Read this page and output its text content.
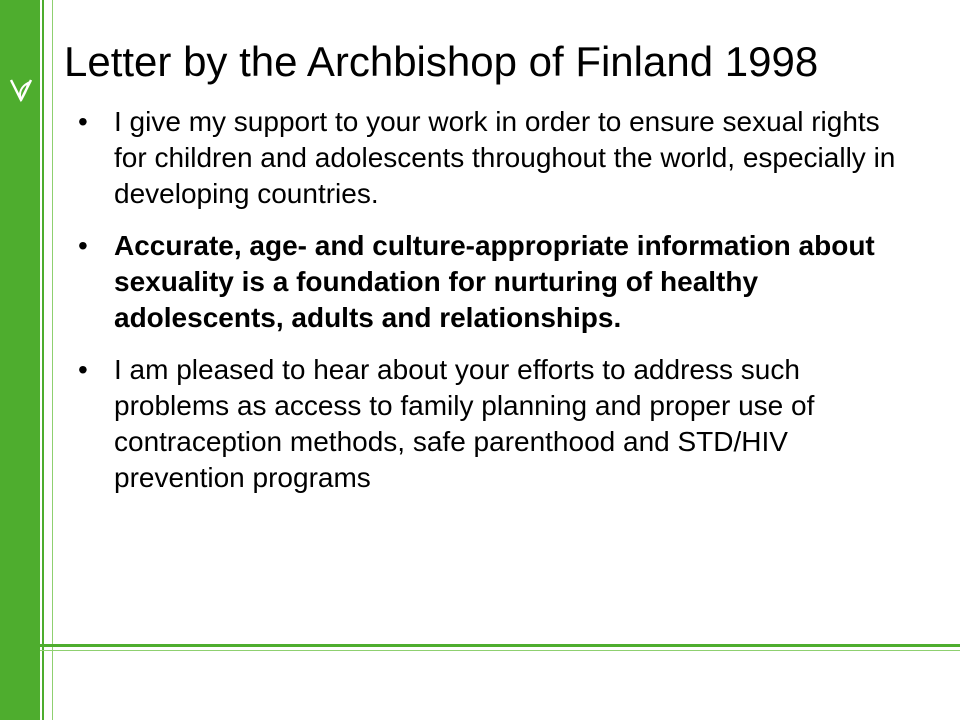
Letter by the Archbishop of Finland 1998
• I give my support to your work in order to ensure sexual rights for children and adolescents throughout the world, especially in developing countries.
• Accurate, age- and culture-appropriate information about sexuality is a foundation for nurturing of healthy adolescents, adults and relationships.
• I am pleased to hear about your efforts to address such problems as access to family planning and proper use of contraception methods, safe parenthood and STD/HIV prevention programs
